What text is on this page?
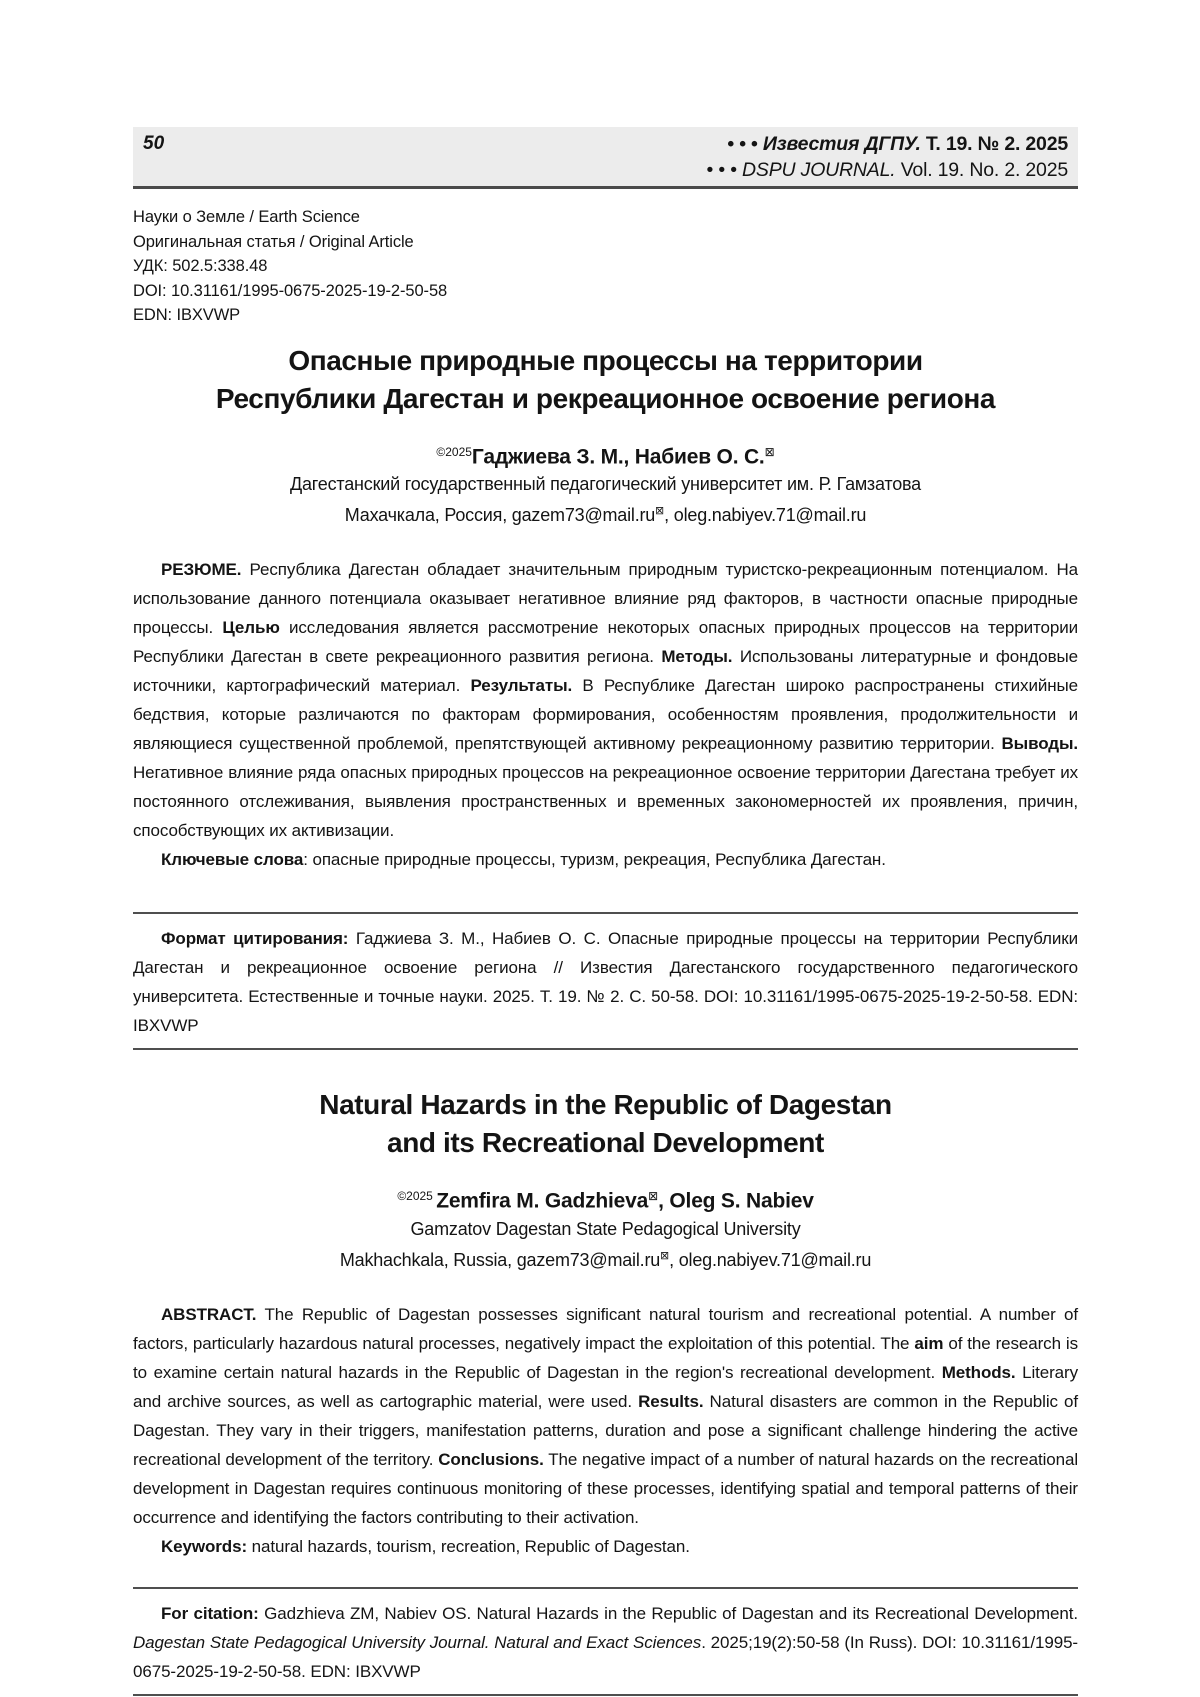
50	• • • Известия ДГПУ. Т. 19. № 2. 2025
• • • DSPU JOURNAL. Vol. 19. No. 2. 2025
Науки о Земле / Earth Science
Оригинальная статья / Original Article
УДК: 502.5:338.48
DOI: 10.31161/1995-0675-2025-19-2-50-58
EDN: IBXVWP
Опасные природные процессы на территории
Республики Дагестан и рекреационное освоение региона
$^{©2025}$Гаджиева З. М., Набиев О. С.⊠
Дагестанский государственный педагогический университет им. Р. Гамзатова
Махачкала, Россия, gazem73@mail.ru⊠, oleg.nabiyev.71@mail.ru
РЕЗЮМЕ. Республика Дагестан обладает значительным природным туристско-рекреационным потенциалом. На использование данного потенциала оказывает негативное влияние ряд факторов, в частности опасные природные процессы. Целью исследования является рассмотрение некоторых опасных природных процессов на территории Республики Дагестан в свете рекреационного развития региона. Методы. Использованы литературные и фондовые источники, картографический материал. Результаты. В Республике Дагестан широко распространены стихийные бедствия, которые различаются по факторам формирования, особенностям проявления, продолжительности и являющиеся существенной проблемой, препятствующей активному рекреационному развитию территории. Выводы. Негативное влияние ряда опасных природных процессов на рекреационное освоение территории Дагестана требует их постоянного отслеживания, выявления пространственных и временных закономерностей их проявления, причин, способствующих их активизации.
Ключевые слова: опасные природные процессы, туризм, рекреация, Республика Дагестан.
Формат цитирования: Гаджиева З. М., Набиев О. С. Опасные природные процессы на территории Республики Дагестан и рекреационное освоение региона // Известия Дагестанского государственного педагогического университета. Естественные и точные науки. 2025. Т. 19. № 2. С. 50-58. DOI: 10.31161/1995-0675-2025-19-2-50-58. EDN: IBXVWP
Natural Hazards in the Republic of Dagestan
and its Recreational Development
$^{©2025}$ Zemfira M. Gadzhieva⊠, Oleg S. Nabiev
Gamzatov Dagestan State Pedagogical University
Makhachkala, Russia, gazem73@mail.ru⊠, oleg.nabiyev.71@mail.ru
ABSTRACT. The Republic of Dagestan possesses significant natural tourism and recreational potential. A number of factors, particularly hazardous natural processes, negatively impact the exploitation of this potential. The aim of the research is to examine certain natural hazards in the Republic of Dagestan in the region's recreational development. Methods. Literary and archive sources, as well as cartographic material, were used. Results. Natural disasters are common in the Republic of Dagestan. They vary in their triggers, manifestation patterns, duration and pose a significant challenge hindering the active recreational development of the territory. Conclusions. The negative impact of a number of natural hazards on the recreational development in Dagestan requires continuous monitoring of these processes, identifying spatial and temporal patterns of their occurrence and identifying the factors contributing to their activation.
Keywords: natural hazards, tourism, recreation, Republic of Dagestan.
For citation: Gadzhieva ZM, Nabiev OS. Natural Hazards in the Republic of Dagestan and its Recreational Development. Dagestan State Pedagogical University Journal. Natural and Exact Sciences. 2025;19(2):50-58 (In Russ). DOI: 10.31161/1995-0675-2025-19-2-50-58. EDN: IBXVWP
